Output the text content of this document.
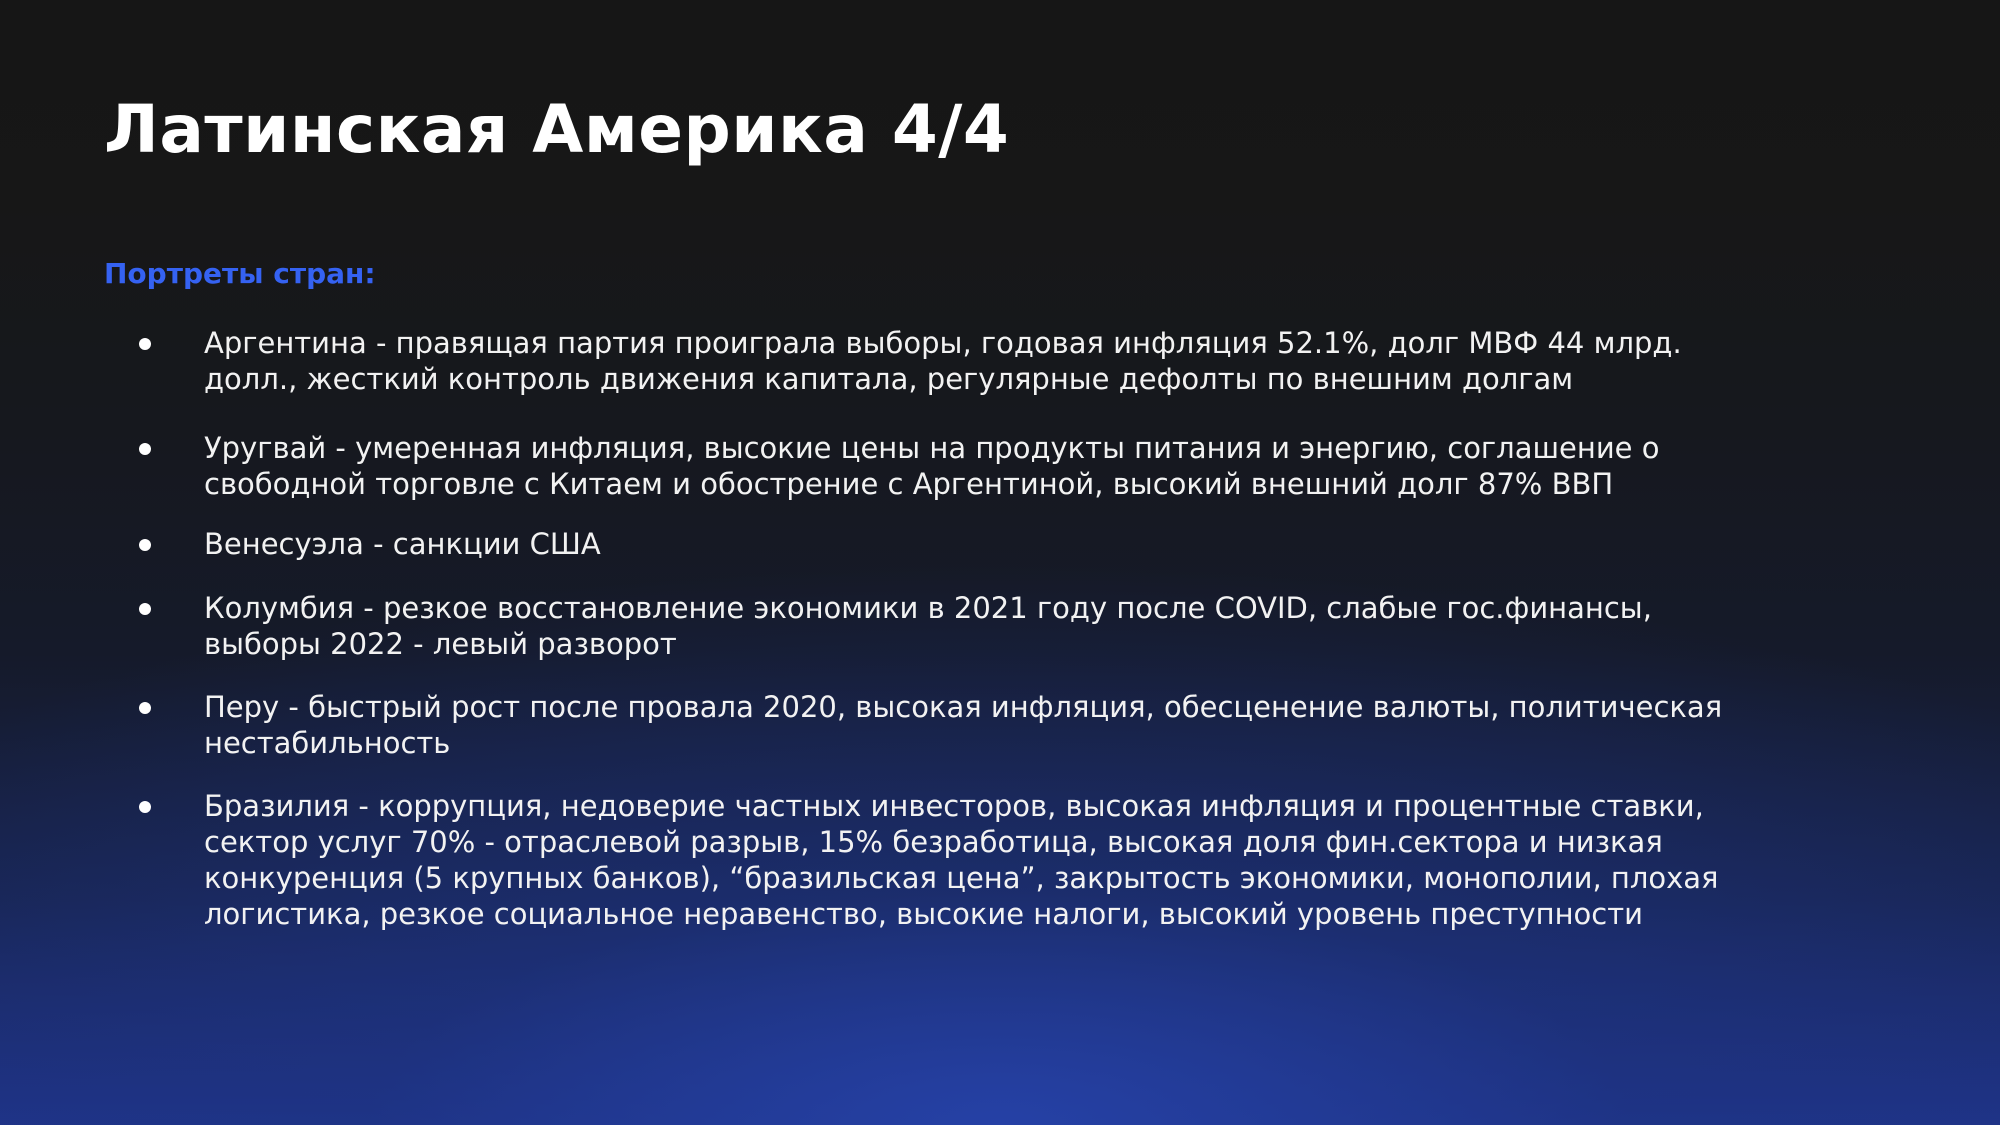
Латинская Америка 4/4
Портреты стран:
Аргентина - правящая партия проиграла выборы, годовая инфляция 52.1%, долг МВФ 44 млрд.
долл., жесткий контроль движения капитала, регулярные дефолты по внешним долгам
Уругвай - умеренная инфляция, высокие цены на продукты питания и энергию, соглашение о
свободной торговле с Китаем и обострение с Аргентиной, высокий внешний долг 87% ВВП
Венесуэла - санкции США
Колумбия - резкое восстановление экономики в 2021 году после COVID, слабые гос.финансы,
выборы 2022 - левый разворот
Перу - быстрый рост после провала 2020, высокая инфляция, обесценение валюты, политическая
нестабильность
Бразилия - коррупция, недоверие частных инвесторов, высокая инфляция и процентные ставки,
сектор услуг 70% - отраслевой разрыв, 15% безработица, высокая доля фин.сектора и низкая
конкуренция (5 крупных банков), “бразильская цена”, закрытость экономики, монополии, плохая
логистика, резкое социальное неравенство, высокие налоги, высокий уровень преступности
